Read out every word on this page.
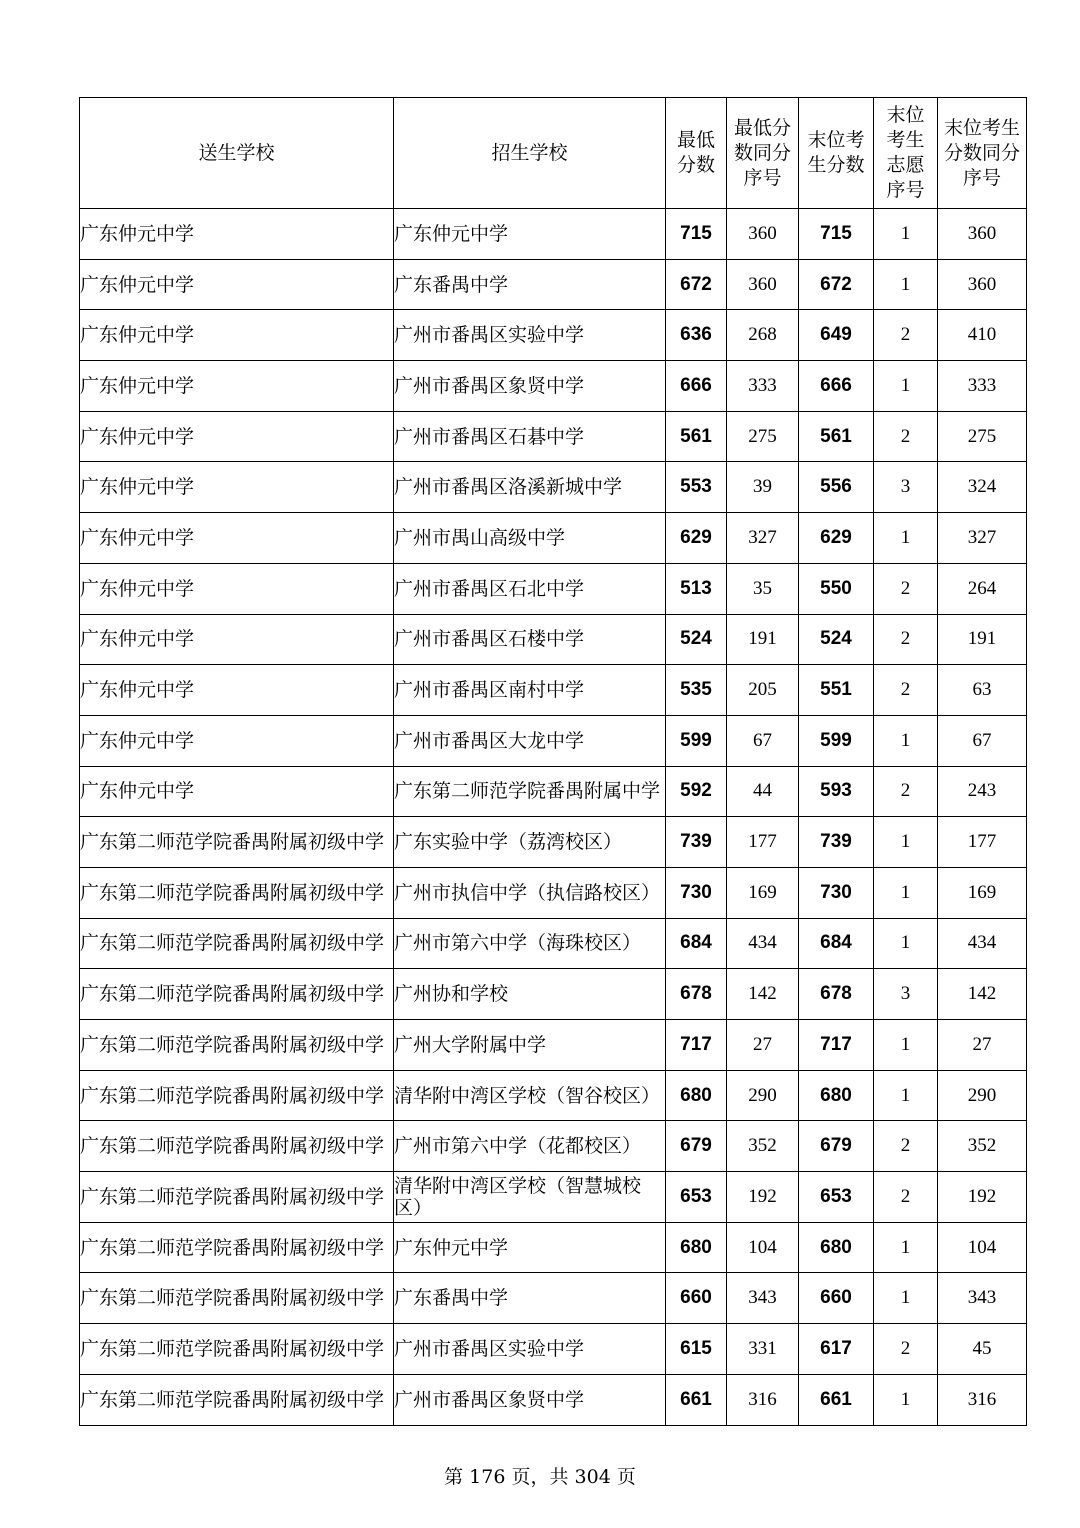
送生学校	招生学校	最低分数	最低分数同分序号	末位考生分数	末位考生志愿序号	末位考生分数同分序号

广东仲元中学	广东仲元中学	715	360	715	1	360
广东仲元中学	广东番禺中学	672	360	672	1	360
广东仲元中学	广州市番禺区实验中学	636	268	649	2	410
广东仲元中学	广州市番禺区象贤中学	666	333	666	1	333
广东仲元中学	广州市番禺区石碁中学	561	275	561	2	275
广东仲元中学	广州市番禺区洛溪新城中学	553	39	556	3	324
广东仲元中学	广州市禺山高级中学	629	327	629	1	327
广东仲元中学	广州市番禺区石北中学	513	35	550	2	264
广东仲元中学	广州市番禺区石楼中学	524	191	524	2	191
广东仲元中学	广州市番禺区南村中学	535	205	551	2	63
广东仲元中学	广州市番禺区大龙中学	599	67	599	1	67
广东仲元中学	广东第二师范学院番禺附属中学	592	44	593	2	243
广东第二师范学院番禺附属初级中学	广东实验中学（荔湾校区）	739	177	739	1	177
广东第二师范学院番禺附属初级中学	广州市执信中学（执信路校区）	730	169	730	1	169
广东第二师范学院番禺附属初级中学	广州市第六中学（海珠校区）	684	434	684	1	434
广东第二师范学院番禺附属初级中学	广州协和学校	678	142	678	3	142
广东第二师范学院番禺附属初级中学	广州大学附属中学	717	27	717	1	27
广东第二师范学院番禺附属初级中学	清华附中湾区学校（智谷校区）	680	290	680	1	290
广东第二师范学院番禺附属初级中学	广州市第六中学（花都校区）	679	352	679	2	352
广东第二师范学院番禺附属初级中学	清华附中湾区学校（智慧城校区）	653	192	653	2	192
广东第二师范学院番禺附属初级中学	广东仲元中学	680	104	680	1	104
广东第二师范学院番禺附属初级中学	广东番禺中学	660	343	660	1	343
广东第二师范学院番禺附属初级中学	广州市番禺区实验中学	615	331	617	2	45
广东第二师范学院番禺附属初级中学	广州市番禺区象贤中学	661	316	661	1	316
第 176 页，共 304 页
